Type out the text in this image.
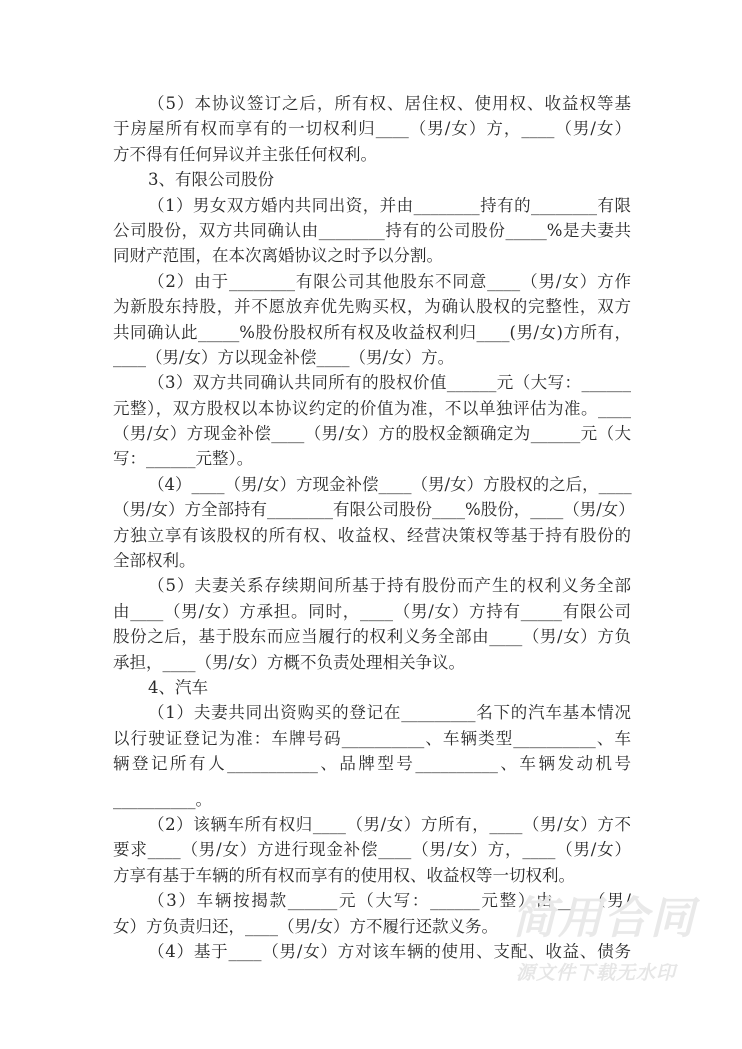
（5）本协议签订之后，所有权、居住权、使用权、收益权等基
于房屋所有权而享有的一切权利归____（男/女）方，____（男/女）
方不得有任何异议并主张任何权利。
3、有限公司股份
（1）男女双方婚内共同出资，并由________持有的________有限
公司股份，双方共同确认由________持有的公司股份_____%是夫妻共
同财产范围，在本次离婚协议之时予以分割。
（2）由于________有限公司其他股东不同意____（男/女）方作
为新股东持股，并不愿放弃优先购买权，为确认股权的完整性，双方
共同确认此_____%股份股权所有权及收益权利归____(男/女)方所有，
____（男/女）方以现金补偿____（男/女）方。
（3）双方共同确认共同所有的股权价值______元（大写：______
元整），双方股权以本协议约定的价值为准，不以单独评估为准。____
（男/女）方现金补偿____（男/女）方的股权金额确定为______元（大
写：______元整）。
（4）____（男/女）方现金补偿____（男/女）方股权的之后，____
（男/女）方全部持有________有限公司股份____%股份，____（男/女）
方独立享有该股权的所有权、收益权、经营决策权等基于持有股份的
全部权利。
（5）夫妻关系存续期间所基于持有股份而产生的权利义务全部
由____（男/女）方承担。同时，____（男/女）方持有_____有限公司
股份之后，基于股东而应当履行的权利义务全部由____（男/女）方负
承担，____（男/女）方概不负责处理相关争议。
4、汽车
（1）夫妻共同出资购买的登记在_________名下的汽车基本情况
以行驶证登记为准：车牌号码__________、车辆类型__________、车
辆登记所有人___________、品牌型号__________、车辆发动机号
__________。
（2）该辆车所有权归____（男/女）方所有，____（男/女）方不
要求____（男/女）方进行现金补偿____（男/女）方，____（男/女）
方享有基于车辆的所有权而享有的使用权、收益权等一切权利。
（3）车辆按揭款______元（大写：______元整）由____（男/
女）方负责归还，____（男/女）方不履行还款义务。
（4）基于____（男/女）方对该车辆的使用、支配、收益、债务
简用合同
源文件下载无水印
